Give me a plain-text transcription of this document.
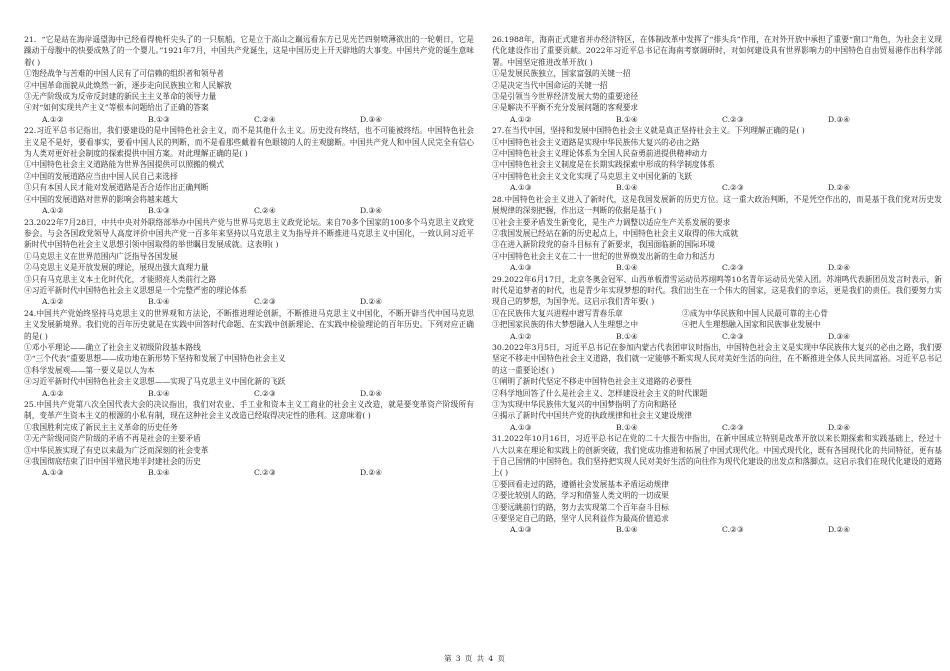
21．“它是站在海岸遥望海中已经看得桅杆尖头了的一只航船，它是立于高山之巅远看东方已见光芒四射喷薄欲出的一轮朝日，它是躁动于母腹中的快要成熟了的一个婴儿。”1921年7月，中国共产党诞生，这是中国历史上开天辟地的大事变。中国共产党的诞生意味着( )
①饱经战争与苦难的中国人民有了可信赖的组织者和领导者
②中国革命面貌从此焕然一新，逐步走向民族独立和人民解放
③无产阶级成为反帝反封建的新民主主义革命的领导力量
④对“如何实现共产主义”等根本问题给出了正确的答案
A.①②	B.①③	C.②④	D.③④
22.习近平总书记指出，我们要建设的是中国特色社会主义，而不是其他什么主义。历史没有终结，也不可能被终结。中国特色社会主义是不是好，要看事实，要看中国人民的判断，而不是看那些戴着有色眼镜的人的主观臆断。中国共产党人和中国人民完全有信心为人类对更好社会制度的探索提供中国方案。对此理解正确的是( )
①中国特色社会主义道路能为世界各国提供可以照搬的模式
②中国的发展道路应当由中国人民自己来选择
③只有本国人民才能对发展道路是否合适作出正确判断
④中国的发展道路对世界的影响会将越来越大
A.①②	B.①③	C.②④	D.③④
23.2022年7月28日，中共中央对外联络部举办中国共产党与世界马克思主义政党论坛。来自70多个国家的100多个马克思主义政党参会。与会各国政党领导人高度评价中国共产党一百多年来坚持以马克思主义为指导并不断推进马克思主义中国化，一致认同习近平新时代中国特色社会主义思想引领中国取得的举世瞩目发展成就。这表明( )
①马克思主义在世界范围内广泛指导各国发展
②马克思主义是开放发展的理论，展现出强大真理力量
③只有马克思主义本土化时代化，才能照亮人类前行之路
④习近平新时代中国特色社会主义思想是一个完整严密的理论体系
A.①②	B.①④	C.②③	D.②④
24.中国共产党始终坚持马克思主义的世界观和方法论，不断推进理论创新，不断推进马克思主义中国化，不断开辟当代中国马克思主义发展新境界。我们党的百年历史就是在实践中回答时代命题、在实践中创新理论、在实践中检验理论的百年历史。下列对应正确的是( )
①邓小平理论——确立了社会主义初级阶段基本路线
②“三个代表”重要思想——成功地在新形势下坚持和发展了中国特色社会主义
③科学发展观——第一要义是以人为本
④习近平新时代中国特色社会主义思想——实现了马克思主义中国化新的飞跃
A.①②	B.①④	C.②③	D.②④
25.中国共产党第八次全国代表大会的决议指出，我们对农业、手工业和资本主义工商业的社会主义改造，就是要变革资产阶级所有制，变革产生资本主义的根源的小私有制，现在这种社会主义改造已经取得决定性的胜利。这意味着( )
①我国胜利完成了新民主主义革命的历史任务
②无产阶级同资产阶级的矛盾不再是社会的主要矛盾
③中华民族实现了有史以来最为广泛而深刻的社会变革
④我国彻底结束了旧中国半殖民地半封建社会的历史
A.①③	B.①④	C.②③	D.②④
26.1988年，海南正式建省并办经济特区，在体制改革中发挥了“排头兵”作用，在对外开放中承担了重要“窗口”角色，为社会主义现代化建设作出了重要贡献。2022年习近平总书记在海南考察调研时，对如何建设具有世界影响力的中国特色自由贸易港作出科学部署。中国坚定推进改革开放( )
①是发展民族独立，国家富强的关键一招
②是决定当代中国命运的关键一招
③是引领当今世界经济发展大势的重要途径
④是解决不平衡不充分发展问题的客观要求
A.①②	B.①④	C.②③	D.③④
27.在当代中国，坚持和发展中国特色社会主义就是真正坚持社会主义。下列理解正确的是( )
①中国特色社会主义道路是实现中华民族伟大复兴的必由之路
②中国特色社会主义理论体系为全国人民奋勇前进提供精神动力
③中国特色社会主义制度是在长期实践探索中形成的科学制度体系
④中国特色社会主义文化实现了马克思主义中国化新的飞跃
A.①③	B.①④	C.②③	D.②④
28.中国特色社会主义进入了新时代，这是我国发展新的历史方位。这一重大政治判断，不是凭空作出的，而是基于我们党对历史发展规律的深刻把握，作出这一判断的依据是基于( )
①社会主要矛盾发生新变化，是生产力调整以适应生产关系发展的要求
②我国发展已经站在新的历史起点上，中国特色社会主义取得的伟大成就
③在进入新阶段党的奋斗目标有了新要求，我国面临新的国际环境
④中国特色社会主义在二十一世纪的世界焕发出新的生命力和活力
A.①③	B.①④	C.②③	D.②④
29.2022年6月17日，北京冬奥会冠军、山西单板滑雪运动员苏翊鸣等10名青年运动员光荣入团。苏翊鸣代表新团员发言时表示，新时代是追梦者的时代，也是青少年实现梦想的时代。我们出生在一个伟大的国家，这是我们的幸运，更是我们的责任。我们要努力实现自己的梦想，为国争光。这启示我们青年要( )
①在民族伟大复兴进程中谱写青春乐章	②成为中华民族和中国人民最可靠的主心骨
③把国家民族的伟大梦想融入人生理想之中	④把人生理想融入国家和民族事业发展中
A.①②	B.①④	C.②③	D.③④
30.2022年3月5日，习近平总书记在参加内蒙古代表团审议时指出，中国特色社会主义是实现中华民族伟大复兴的必由之路，我们要坚定不移走中国特色社会主义道路，我们就一定能够不断实现人民对美好生活的向往，在不断推进全体人民共同富裕。习近平总书记的这一重要论述( )
①阐明了新时代坚定不移走中国特色社会主义道路的必要性
②科学地回答了什么是社会主义、怎样建设社会主义的时代课题
③为实现中华民族伟大复兴的中国梦指明了方向和路径
④揭示了新时代中国共产党的执政规律和社会主义建设规律
A.①③	B.①④	C.②③	D.②④
31.2022年10月16日，习近平总书记在党的二十大报告中指出，在新中国成立特别是改革开放以来长期探索和实践基础上，经过十八大以来在理论和实践上的创新突破，我们党成功推进和拓展了中国式现代化。中国式现代化，既有各国现代化的共同特征，更有基于自己国情的中国特色。我们坚持把实现人民对美好生活的向往作为现代化建设的出发点和落脚点。这启示我们在现代化建设的道路上( )
①要回看走过的路，遵循社会发展基本矛盾运动规律
②要比较别人的路，学习和借鉴人类文明的一切成果
③要远眺前行的路，努力去实现第二个百年奋斗目标
④要坚定自己的路，坚守人民利益作为最高价值追求
A.①③	B.①④	C.②③	D.②④
第 3 页 共 4 页
